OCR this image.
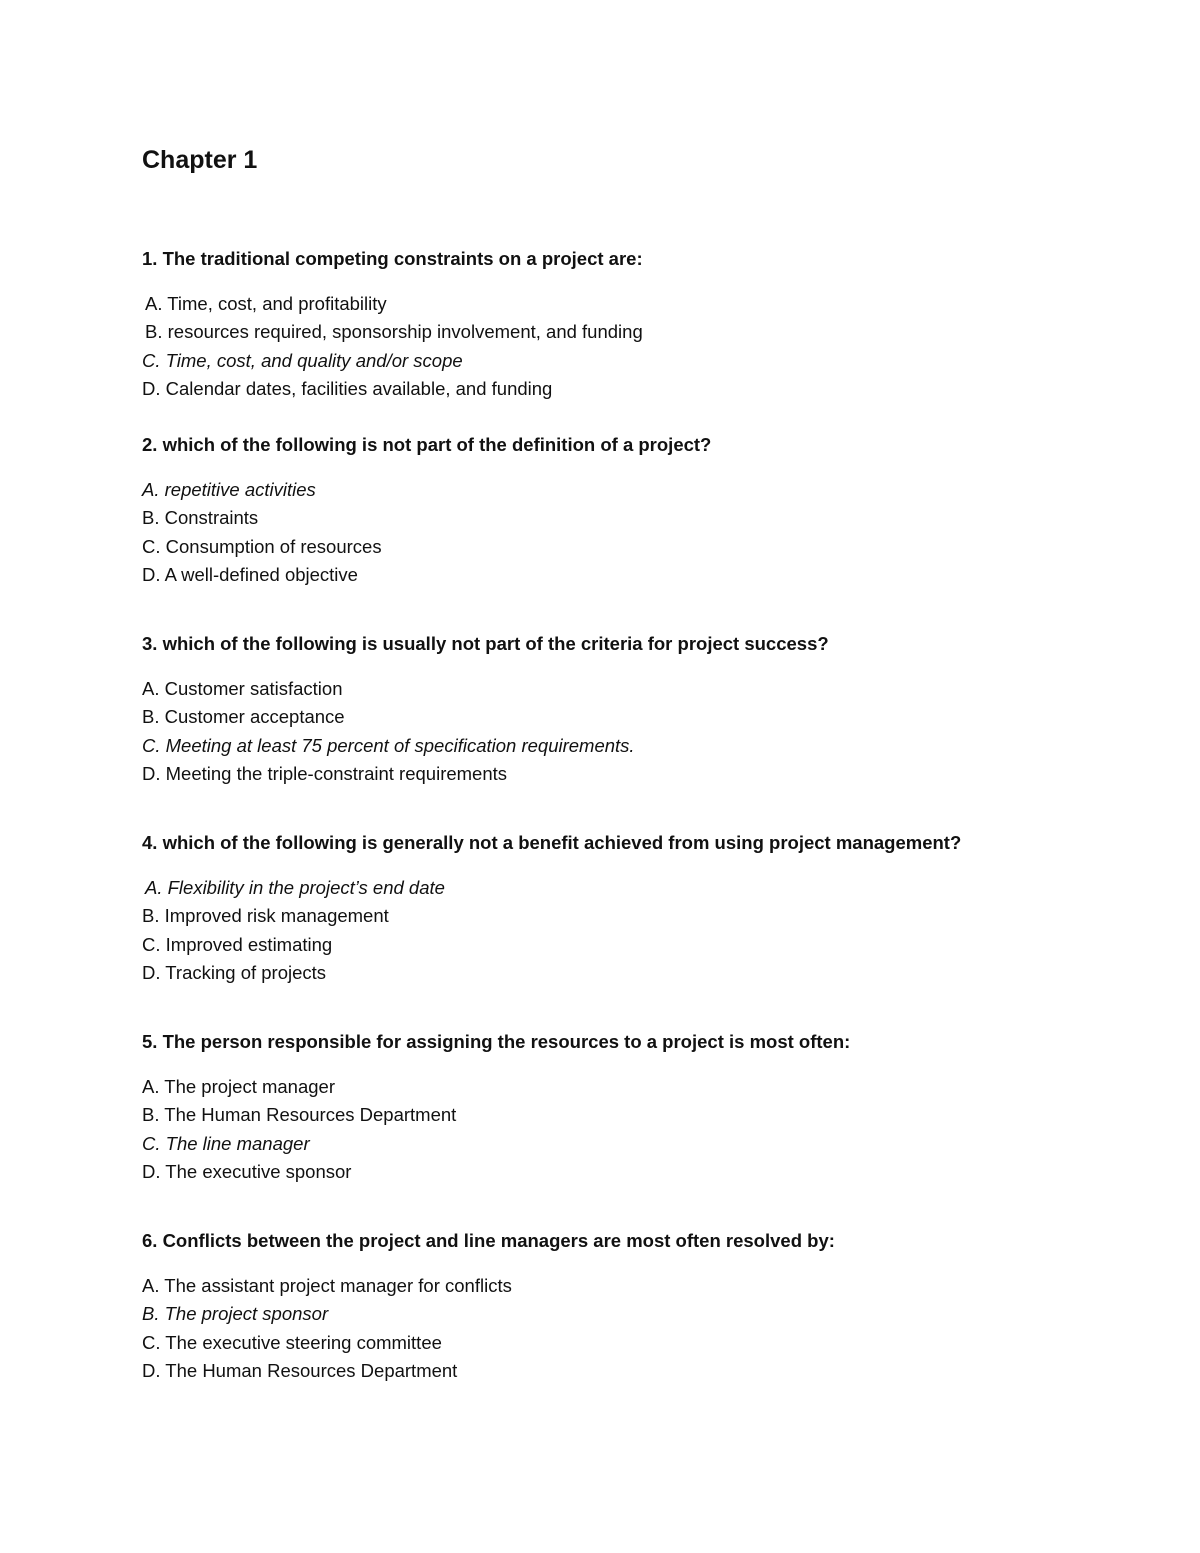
Chapter 1

1. The traditional competing constraints on a project are:

A. Time, cost, and profitability
B. resources required, sponsorship involvement, and funding
C. Time, cost, and quality and/or scope
D. Calendar dates, facilities available, and funding

2. which of the following is not part of the definition of a project?

A. repetitive activities
B. Constraints
C. Consumption of resources
D. A well-defined objective

3. which of the following is usually not part of the criteria for project success?

A. Customer satisfaction
B. Customer acceptance
C. Meeting at least 75 percent of specification requirements.
D. Meeting the triple-constraint requirements

4. which of the following is generally not a benefit achieved from using project management?

A. Flexibility in the project’s end date
B. Improved risk management
C. Improved estimating
D. Tracking of projects

5. The person responsible for assigning the resources to a project is most often:

A. The project manager
B. The Human Resources Department
C. The line manager
D. The executive sponsor

6. Conflicts between the project and line managers are most often resolved by:

A. The assistant project manager for conflicts
B. The project sponsor
C. The executive steering committee
D. The Human Resources Department
